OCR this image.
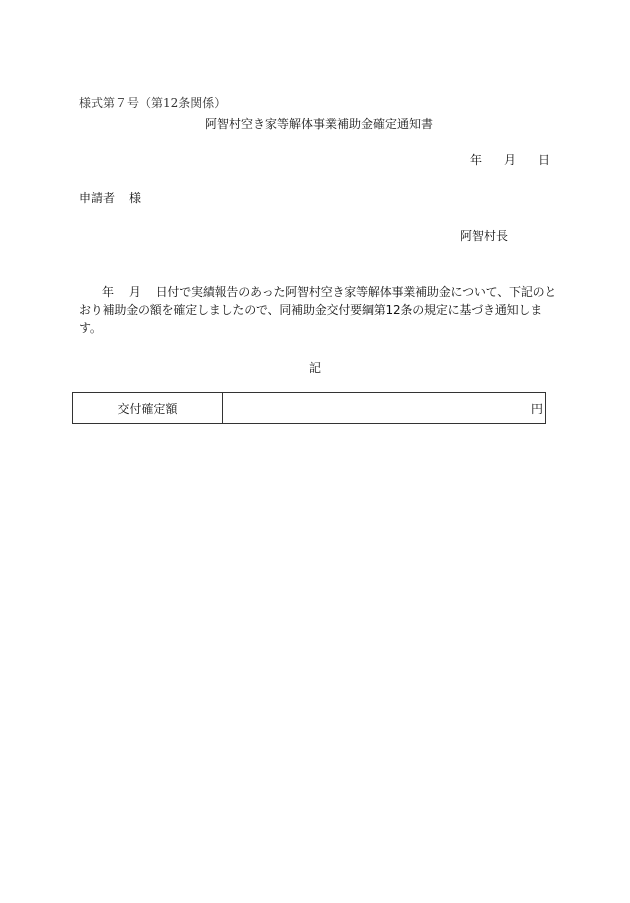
様式第７号（第12条関係）
阿智村空き家等解体事業補助金確定通知書
年 月 日
申請者 様
阿智村長
年 月 日付で実績報告のあった阿智村空き家等解体事業補助金について、下記のとおり補助金の額を確定しましたので、同補助金交付要綱第12条の規定に基づき通知します。
記
交付確定額	円
